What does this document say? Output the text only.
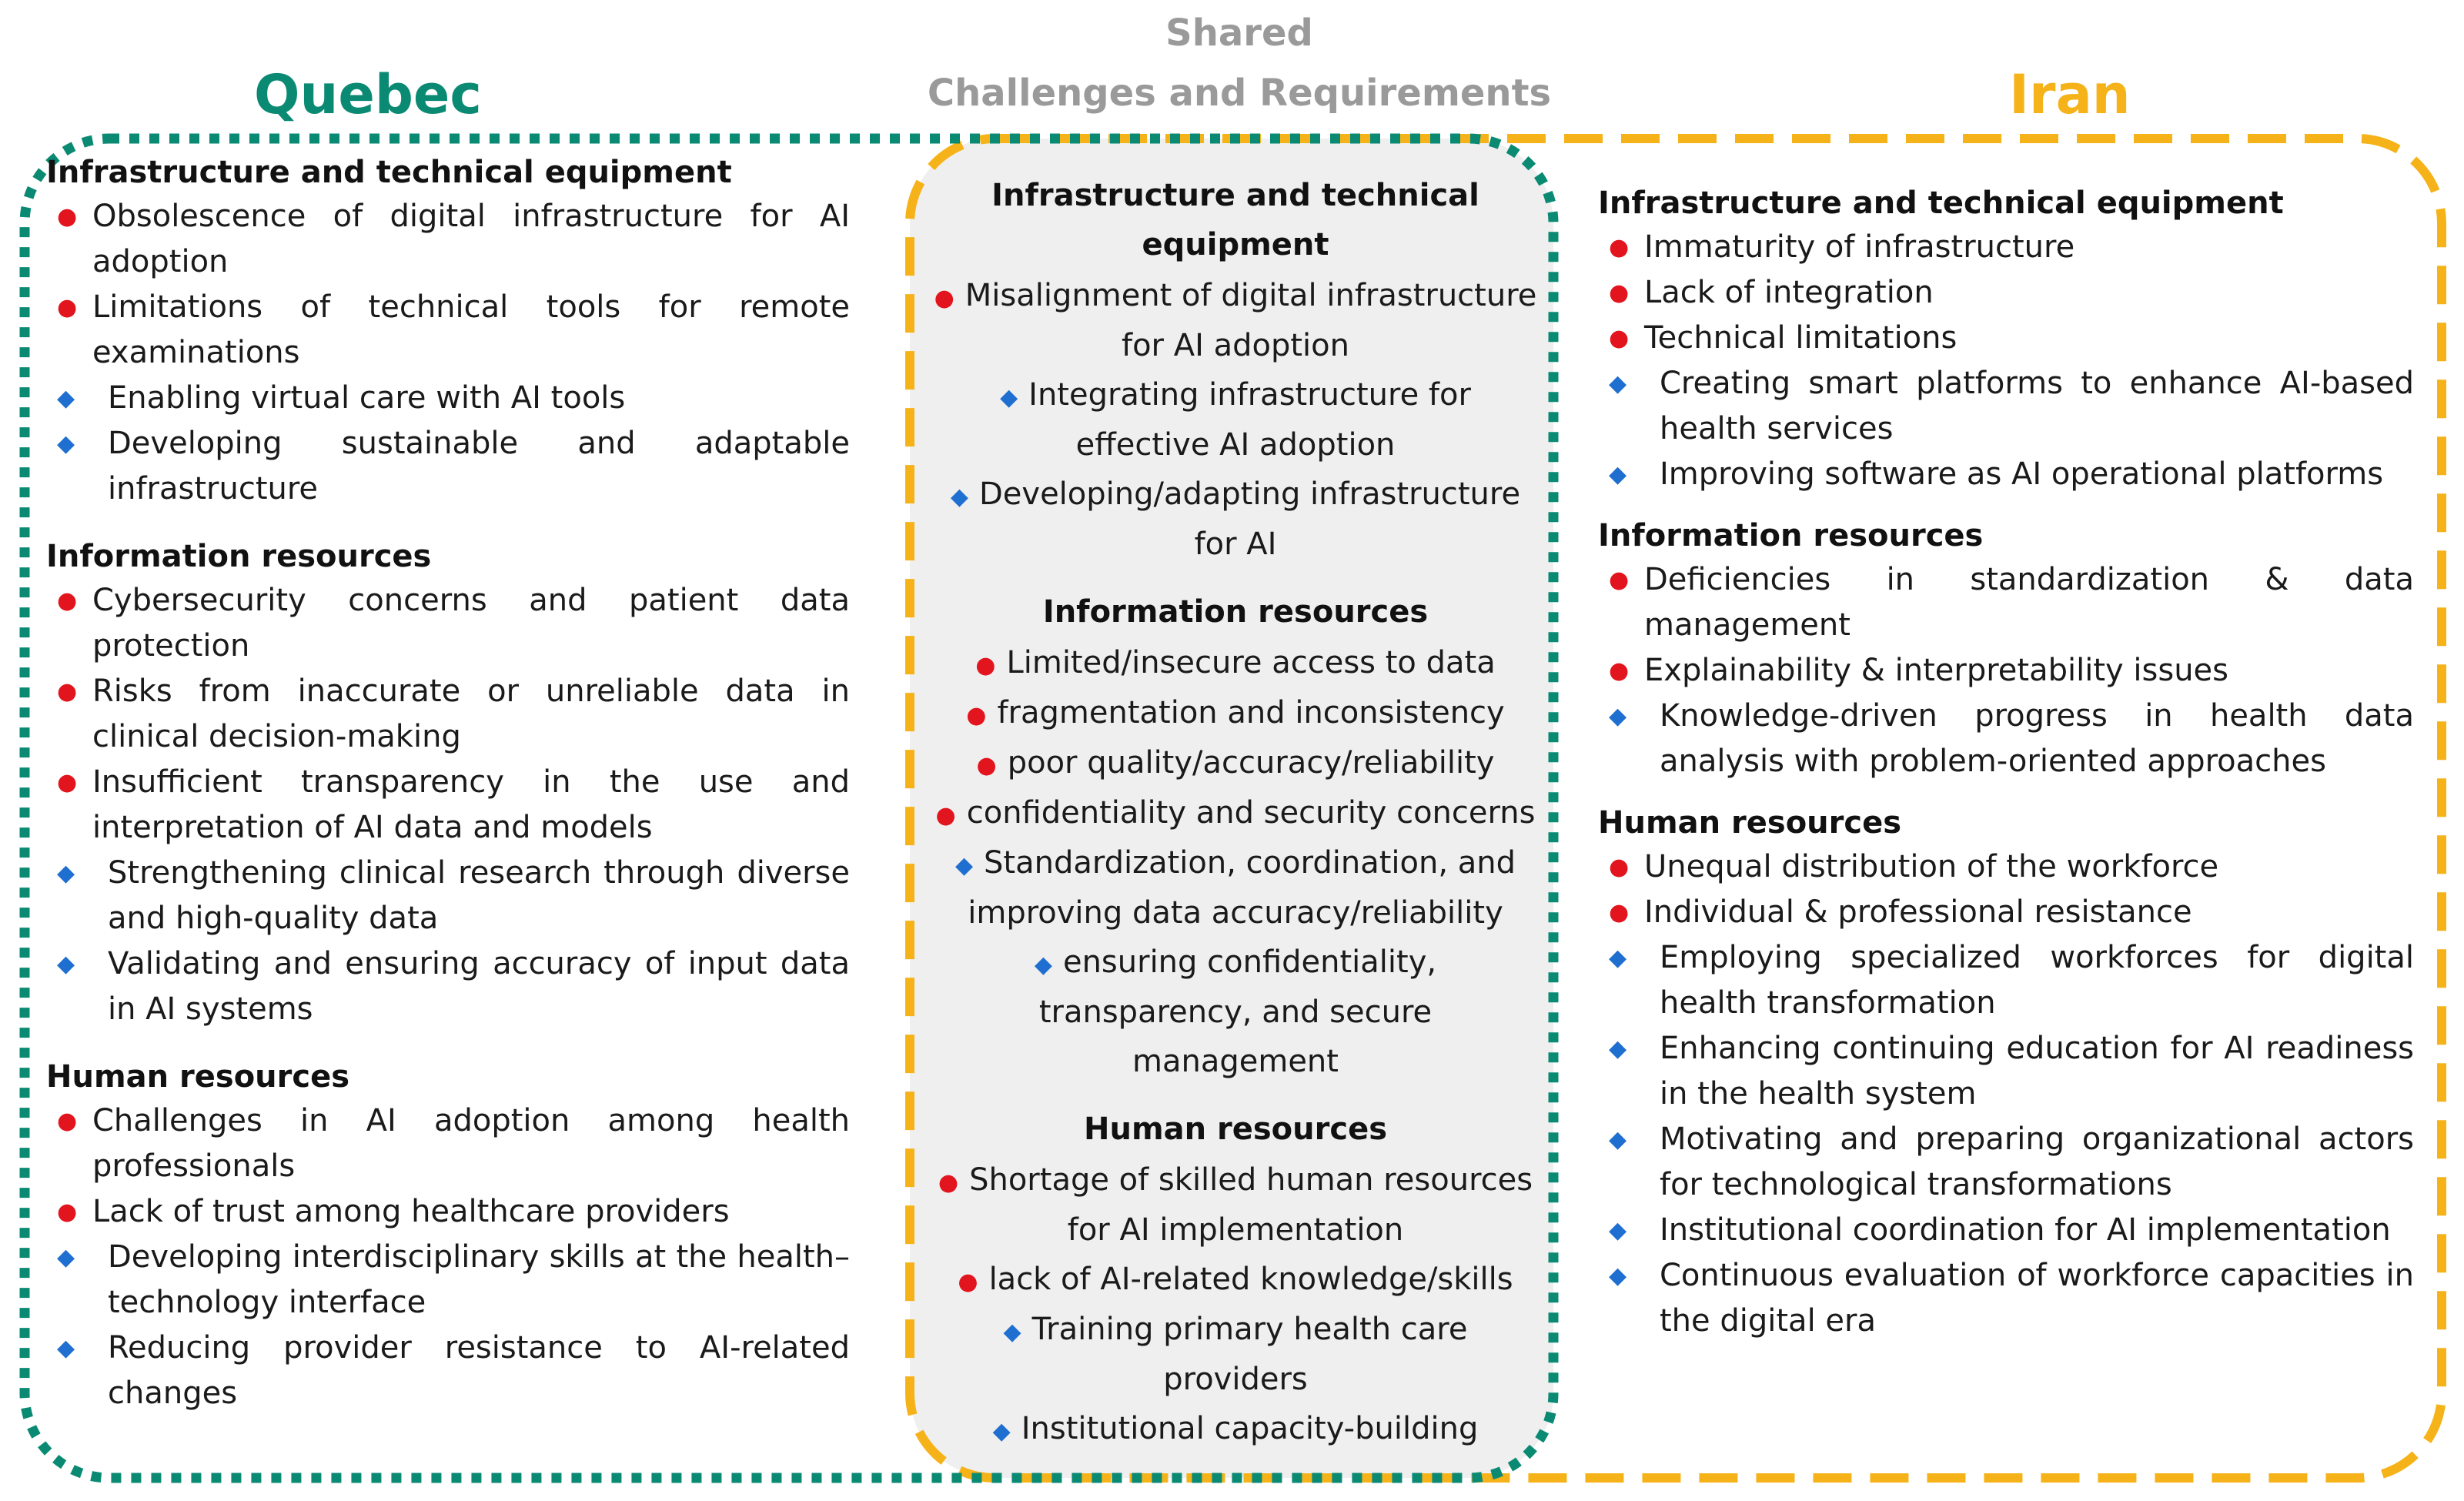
Quebec	Iran
Shared
Challenges and Requirements
Infrastructure and technical equipment
● Obsolescence of digital infrastructure for AI adoption
● Limitations of technical tools for remote examinations
◆ Enabling virtual care with AI tools
◆ Developing sustainable and adaptable infrastructure
Information resources
● Cybersecurity concerns and patient data protection
● Risks from inaccurate or unreliable data in clinical decision-making
● Insufficient transparency in the use and interpretation of AI data and models
◆ Strengthening clinical research through diverse and high-quality data
◆ Validating and ensuring accuracy of input data in AI systems
Human resources
● Challenges in AI adoption among health professionals
● Lack of trust among healthcare providers
◆ Developing interdisciplinary skills at the health–technology interface
◆ Reducing provider resistance to AI-related changes
Infrastructure and technical equipment
● Misalignment of digital infrastructure for AI adoption
◆ Integrating infrastructure for effective AI adoption
◆ Developing/adapting infrastructure for AI
Information resources
● Limited/insecure access to data
● fragmentation and inconsistency
● poor quality/accuracy/reliability
● confidentiality and security concerns
◆ Standardization, coordination, and improving data accuracy/reliability
◆ ensuring confidentiality, transparency, and secure management
Human resources
● Shortage of skilled human resources for AI implementation
● lack of AI-related knowledge/skills
◆ Training primary health care providers
◆ Institutional capacity-building
Infrastructure and technical equipment
● Immaturity of infrastructure
● Lack of integration
● Technical limitations
◆ Creating smart platforms to enhance AI-based health services
◆ Improving software as AI operational platforms
Information resources
● Deficiencies in standardization & data management
● Explainability & interpretability issues
◆ Knowledge-driven progress in health data analysis with problem-oriented approaches
Human resources
● Unequal distribution of the workforce
● Individual & professional resistance
◆ Employing specialized workforces for digital health transformation
◆ Enhancing continuing education for AI readiness in the health system
◆ Motivating and preparing organizational actors for technological transformations
◆ Institutional coordination for AI implementation
◆ Continuous evaluation of workforce capacities in the digital era
